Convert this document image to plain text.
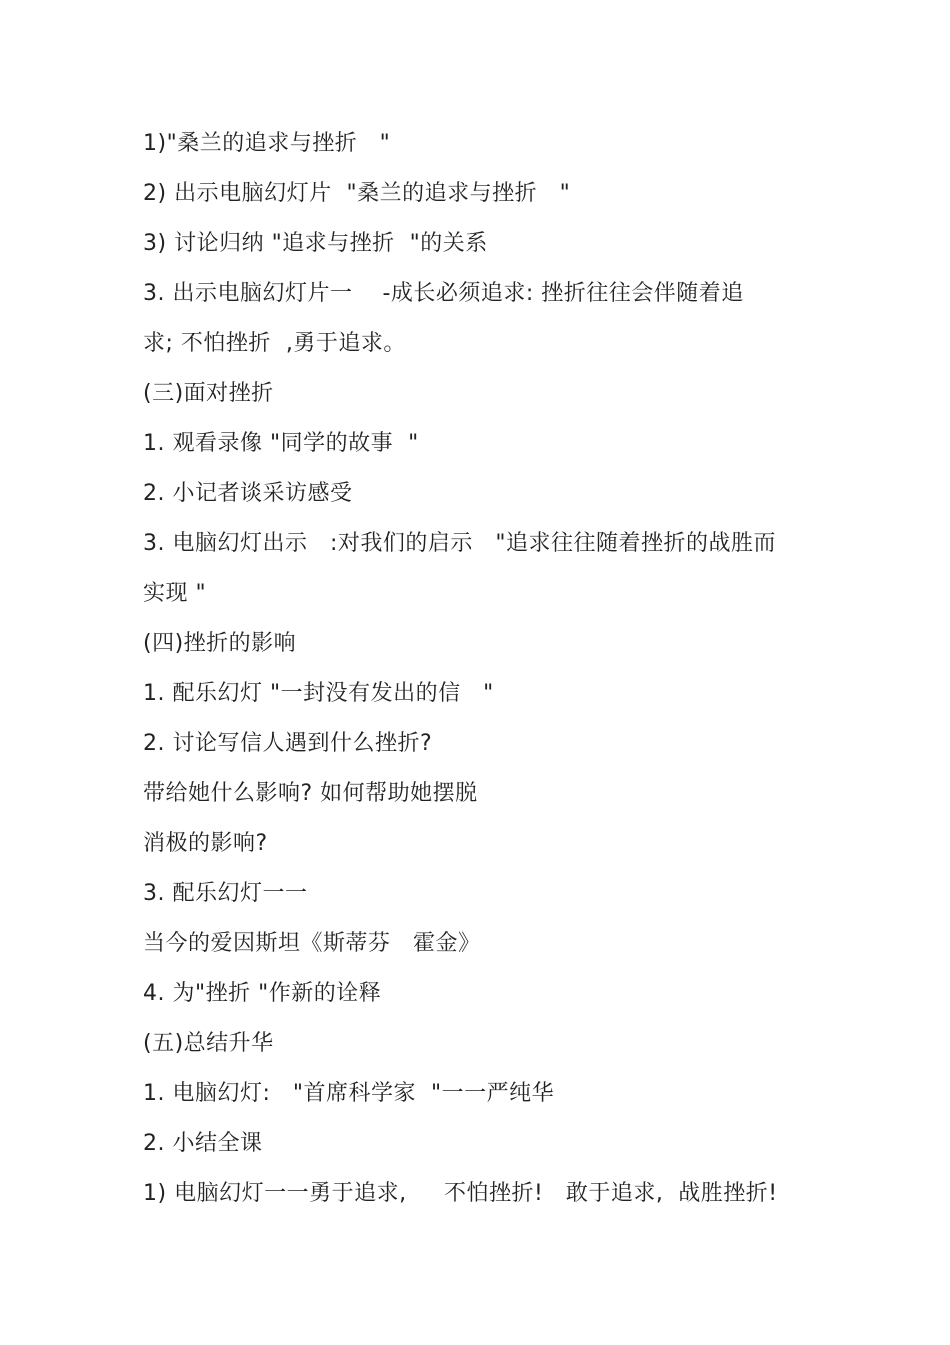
1)"桑兰的追求与挫折   "
2) 出示电脑幻灯片  "桑兰的追求与挫折   "
3) 讨论归纳 "追求与挫折  "的关系
3. 出示电脑幻灯片一    -成长必须追求: 挫折往往会伴随着追
求; 不怕挫折  ,勇于追求。
(三)面对挫折
1. 观看录像 "同学的故事  "
2. 小记者谈采访感受
3. 电脑幻灯出示   :对我们的启示   "追求往往随着挫折的战胜而
实现 "
(四)挫折的影响
1. 配乐幻灯 "一封没有发出的信   "
2. 讨论写信人遇到什么挫折?
带给她什么影响? 如何帮助她摆脱
消极的影响?
3. 配乐幻灯一一
当今的爱因斯坦《斯蒂芬   霍金》
4. 为"挫折 "作新的诠释
(五)总结升华
1. 电脑幻灯:   "首席科学家  "一一严纯华
2. 小结全课
1) 电脑幻灯一一勇于追求,     不怕挫折!   敢于追求,  战胜挫折!
